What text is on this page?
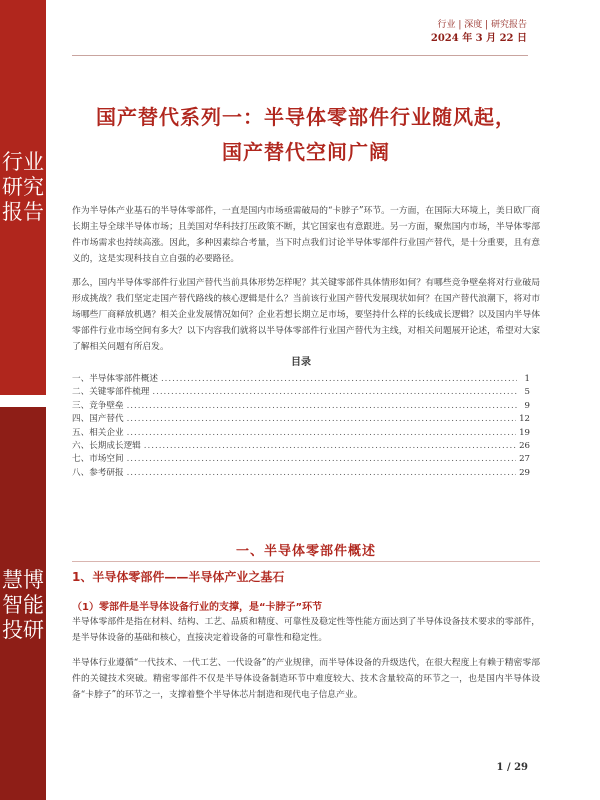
行业研究报告
慧博智能投研
行业 | 深度 | 研究报告
2024 年 3 月 22 日
国产替代系列一：半导体零部件行业随风起，
国产替代空间广阔
作为半导体产业基石的半导体零部件，一直是国内市场亟需破局的“卡脖子”环节。一方面，在国际大环境上，美日欧厂商长期主导全球半导体市场；且美国对华科技打压政策不断，其它国家也有意跟进。另一方面，聚焦国内市场，半导体零部件市场需求也持续高涨。因此，多种因素综合考量，当下时点我们讨论半导体零部件行业国产替代，是十分重要，且有意义的，这是实现科技自立自强的必要路径。
那么，国内半导体零部件行业国产替代当前具体形势怎样呢？其关键零部件具体情形如何？有哪些竞争壁垒将对行业破局形成挑战？我们坚定走国产替代路线的核心逻辑是什么？当前该行业国产替代发展现状如何？在国产替代浪潮下，将对市场哪些厂商释放机遇？相关企业发展情况如何？企业若想长期立足市场，要坚持什么样的长线成长逻辑？以及国内半导体零部件行业市场空间有多大？以下内容我们就将以半导体零部件行业国产替代为主线，对相关问题展开论述，希望对大家了解相关问题有所启发。
目录
一、半导体零部件概述 .....	1
二、关键零部件梳理 .....	5
三、竞争壁垒 .....	9
四、国产替代 .....	12
五、相关企业 .....	19
六、长期成长逻辑 .....	26
七、市场空间 .....	27
八、参考研报 .....	29
一、半导体零部件概述
1、半导体零部件——半导体产业之基石
（1）零部件是半导体设备行业的支撑，是“卡脖子”环节
半导体零部件是指在材料、结构、工艺、品质和精度、可靠性及稳定性等性能方面达到了半导体设备技术要求的零部件，是半导体设备的基础和核心，直接决定着设备的可靠性和稳定性。
半导体行业遵循“一代技术、一代工艺、一代设备”的产业规律，而半导体设备的升级迭代，在很大程度上有赖于精密零部件的关键技术突破。精密零部件不仅是半导体设备制造环节中难度较大、技术含量较高的环节之一，也是国内半导体设备“卡脖子”的环节之一，支撑着整个半导体芯片制造和现代电子信息产业。
1 / 29
